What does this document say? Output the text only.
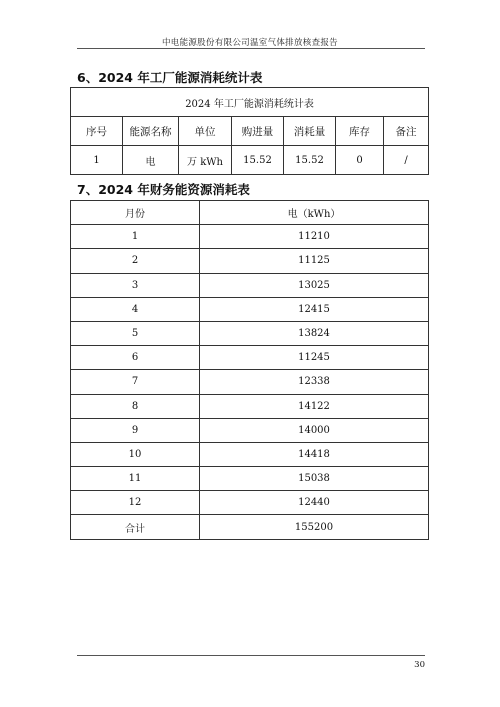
中电能源股份有限公司温室气体排放核查报告
6、2024 年工厂能源消耗统计表
2024 年工厂能源消耗统计表						
序号	能源名称	单位	购进量	消耗量	库存	备注
1	电	万 kWh	15.52	15.52	0	/
7、2024 年财务能资源消耗表
月份	电（kWh）
1	11210
2	11125
3	13025
4	12415
5	13824
6	11245
7	12338
8	14122
9	14000
10	14418
11	15038
12	12440
合计	155200
30
